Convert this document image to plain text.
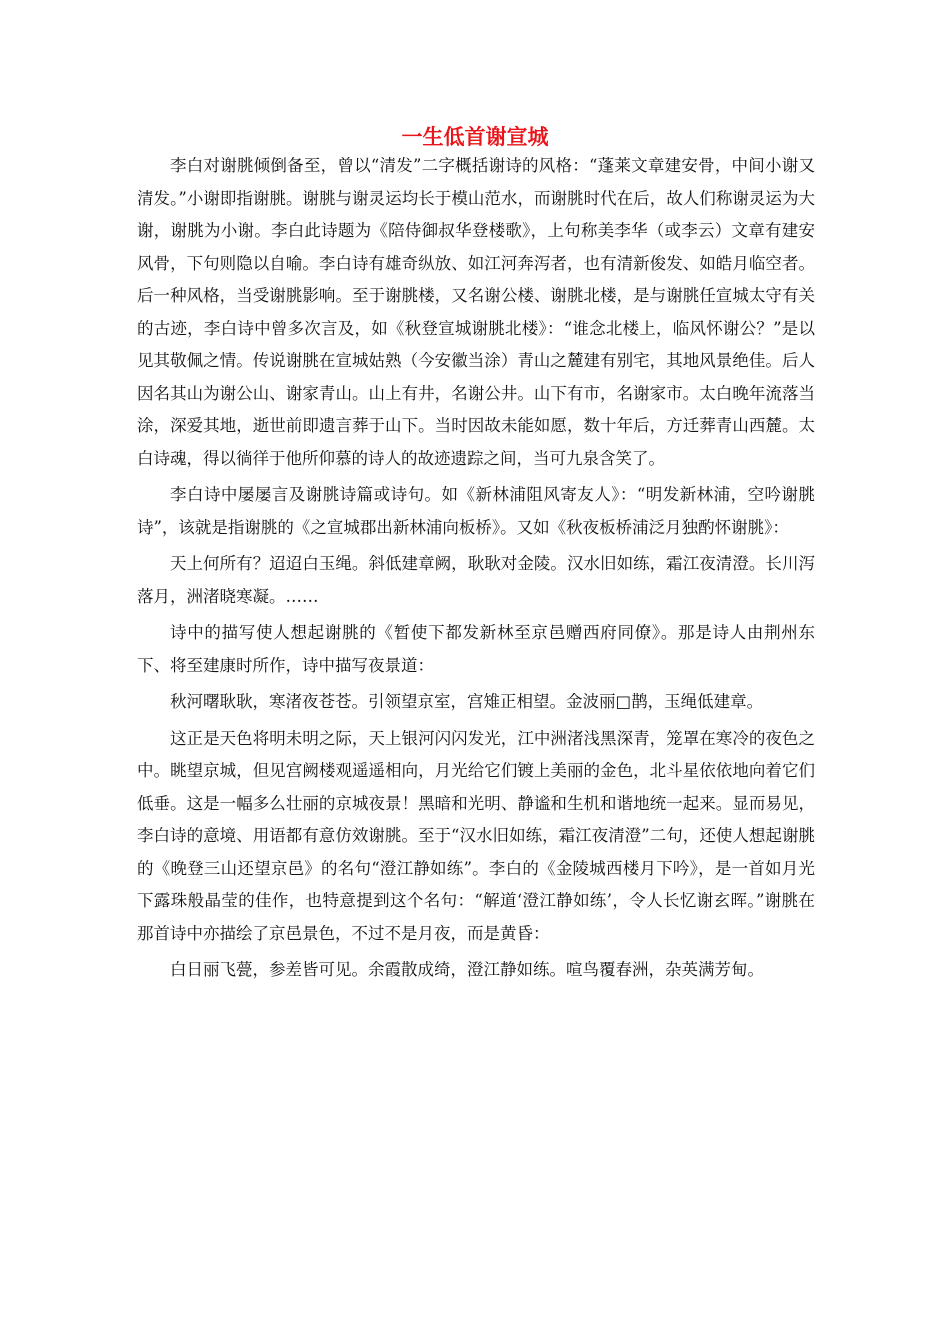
一生低首谢宣城

李白对谢朓倾倒备至，曾以“清发”二字概括谢诗的风格：“蓬莱文章建安骨，中间小谢又清发。”小谢即指谢朓。谢朓与谢灵运均长于模山范水，而谢朓时代在后，故人们称谢灵运为大谢，谢朓为小谢。李白此诗题为《陪侍御叔华登楼歌》，上句称美李华（或李云）文章有建安风骨，下句则隐以自喻。李白诗有雄奇纵放、如江河奔泻者，也有清新俊发、如皓月临空者。后一种风格，当受谢朓影响。至于谢朓楼，又名谢公楼、谢朓北楼，是与谢朓任宣城太守有关的古迹，李白诗中曾多次言及，如《秋登宣城谢朓北楼》：“谁念北楼上，临风怀谢公？”是以见其敬佩之情。传说谢朓在宣城姑熟（今安徽当涂）青山之麓建有别宅，其地风景绝佳。后人因名其山为谢公山、谢家青山。山上有井，名谢公井。山下有市，名谢家市。太白晚年流落当涂，深爱其地，逝世前即遗言葬于山下。当时因故未能如愿，数十年后，方迁葬青山西麓。太白诗魂，得以徜徉于他所仰慕的诗人的故迹遗踪之间，当可九泉含笑了。

李白诗中屡屡言及谢朓诗篇或诗句。如《新林浦阻风寄友人》：“明发新林浦，空吟谢朓诗”，该就是指谢朓的《之宣城郡出新林浦向板桥》。又如《秋夜板桥浦泛月独酌怀谢朓》：

天上何所有？迢迢白玉绳。斜低建章阙，耿耿对金陵。汉水旧如练，霜江夜清澄。长川泻落月，洲渚晓寒凝。……

诗中的描写使人想起谢朓的《暂使下都发新林至京邑赠西府同僚》。那是诗人由荆州东下、将至建康时所作，诗中描写夜景道：

秋河曙耿耿，寒渚夜苍苍。引领望京室，宫雉正相望。金波丽□鹊，玉绳低建章。

这正是天色将明未明之际，天上银河闪闪发光，江中洲渚浅黑深青，笼罩在寒冷的夜色之中。眺望京城，但见宫阙楼观遥遥相向，月光给它们镀上美丽的金色，北斗星依依地向着它们低垂。这是一幅多么壮丽的京城夜景！黑暗和光明、静谧和生机和谐地统一起来。显而易见，李白诗的意境、用语都有意仿效谢朓。至于“汉水旧如练，霜江夜清澄”二句，还使人想起谢朓的《晚登三山还望京邑》的名句“澄江静如练”。李白的《金陵城西楼月下吟》，是一首如月光下露珠般晶莹的佳作，也特意提到这个名句：“解道‘澄江静如练’，令人长忆谢玄晖。”谢朓在那首诗中亦描绘了京邑景色，不过不是月夜，而是黄昏：

白日丽飞甍，参差皆可见。余霞散成绮，澄江静如练。喧鸟覆春洲，杂英满芳甸。
